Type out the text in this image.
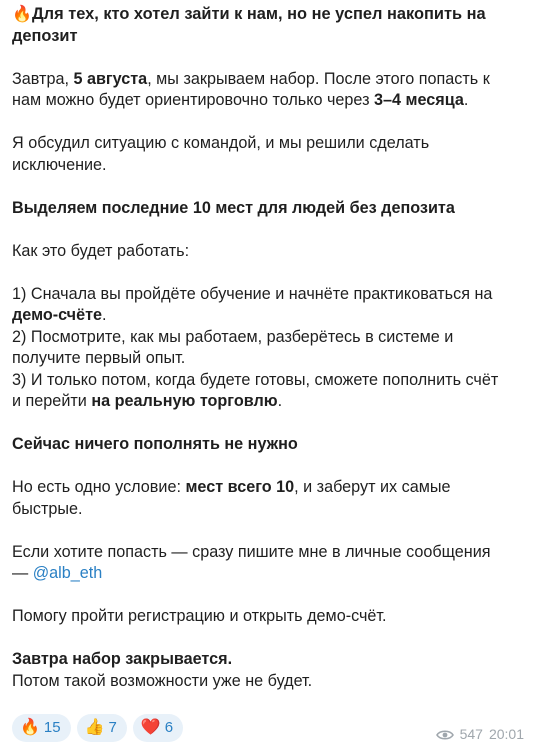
🔥Для тех, кто хотел зайти к нам, но не успел накопить на депозит
Завтра, 5 августа, мы закрываем набор. После этого попасть к
нам можно будет ориентировочно только через 3–4 месяца.
Я обсудил ситуацию с командой, и мы решили сделать
исключение.
Выделяем последние 10 мест для людей без депозита
Как это будет работать:
1) Сначала вы пройдёте обучение и начнёте практиковаться на
демо-счёте.
2) Посмотрите, как мы работаем, разберётесь в системе и
получите первый опыт.
3) И только потом, когда будете готовы, сможете пополнить счёт
и перейти на реальную торговлю.
Сейчас ничего пополнять не нужно
Но есть одно условие: мест всего 10, и заберут их самые
быстрые.
Если хотите попасть — сразу пишите мне в личные сообщения
— @alb_eth
Помогу пройти регистрацию и открыть демо-счёт.
Завтра набор закрывается.
Потом такой возможности уже не будет.
🔥 15 👍 7 ❤️ 6	547 20:01
